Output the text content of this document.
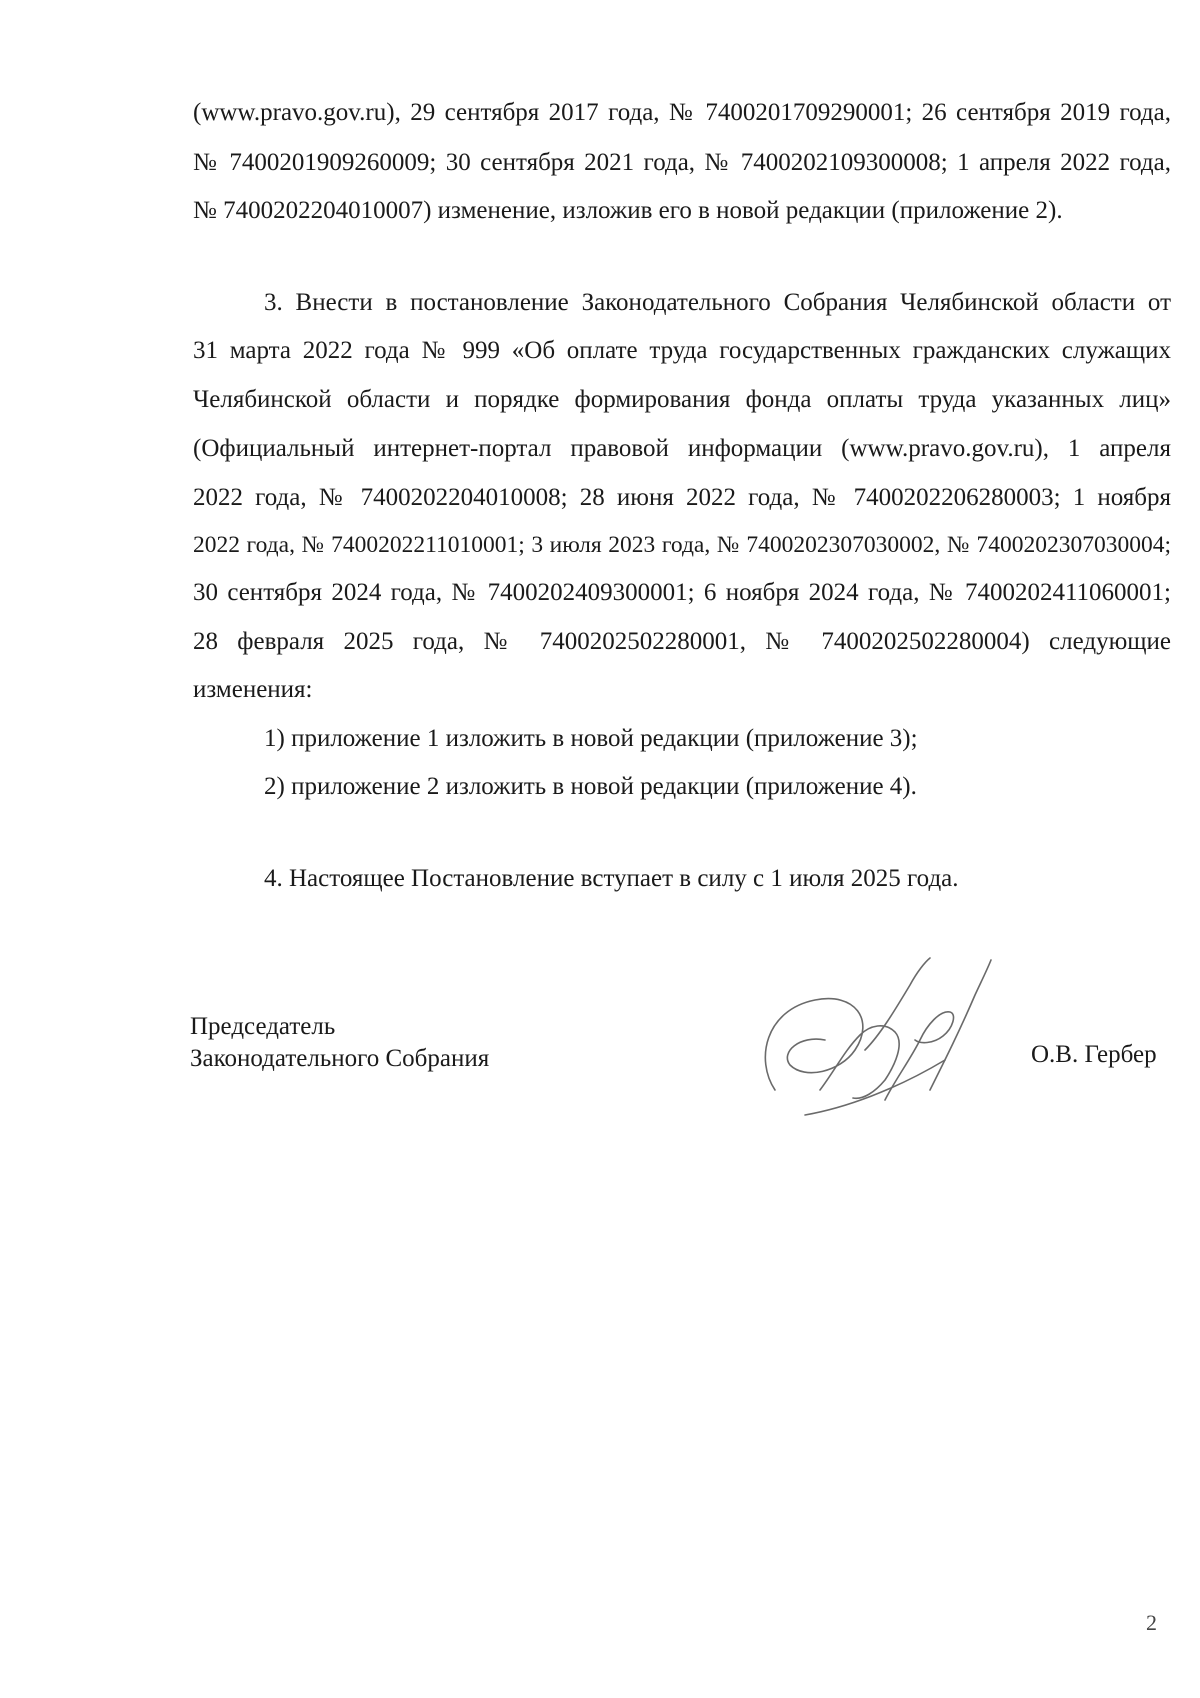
(www.pravo.gov.ru), 29 сентября 2017 года, № 7400201709290001; 26 сентября 2019 года,
№ 7400201909260009; 30 сентября 2021 года, № 7400202109300008; 1 апреля 2022 года,
№ 7400202204010007) изменение, изложив его в новой редакции (приложение 2).
3. Внести в постановление Законодательного Собрания Челябинской области от
31 марта 2022 года № 999 «Об оплате труда государственных гражданских служащих
Челябинской области и порядке формирования фонда оплаты труда указанных лиц»
(Официальный интернет-портал правовой информации (www.pravo.gov.ru), 1 апреля
2022 года, № 7400202204010008; 28 июня 2022 года, № 7400202206280003; 1 ноября
2022 года, № 7400202211010001; 3 июля 2023 года, № 7400202307030002, № 7400202307030004;
30 сентября 2024 года, № 7400202409300001; 6 ноября 2024 года, № 7400202411060001;
28 февраля 2025 года, № 7400202502280001, № 7400202502280004) следующие
изменения:
1) приложение 1 изложить в новой редакции (приложение 3);
2) приложение 2 изложить в новой редакции (приложение 4).
4. Настоящее Постановление вступает в силу с 1 июля 2025 года.
Председатель
Законодательного Собрания	О.В. Гербер
2
